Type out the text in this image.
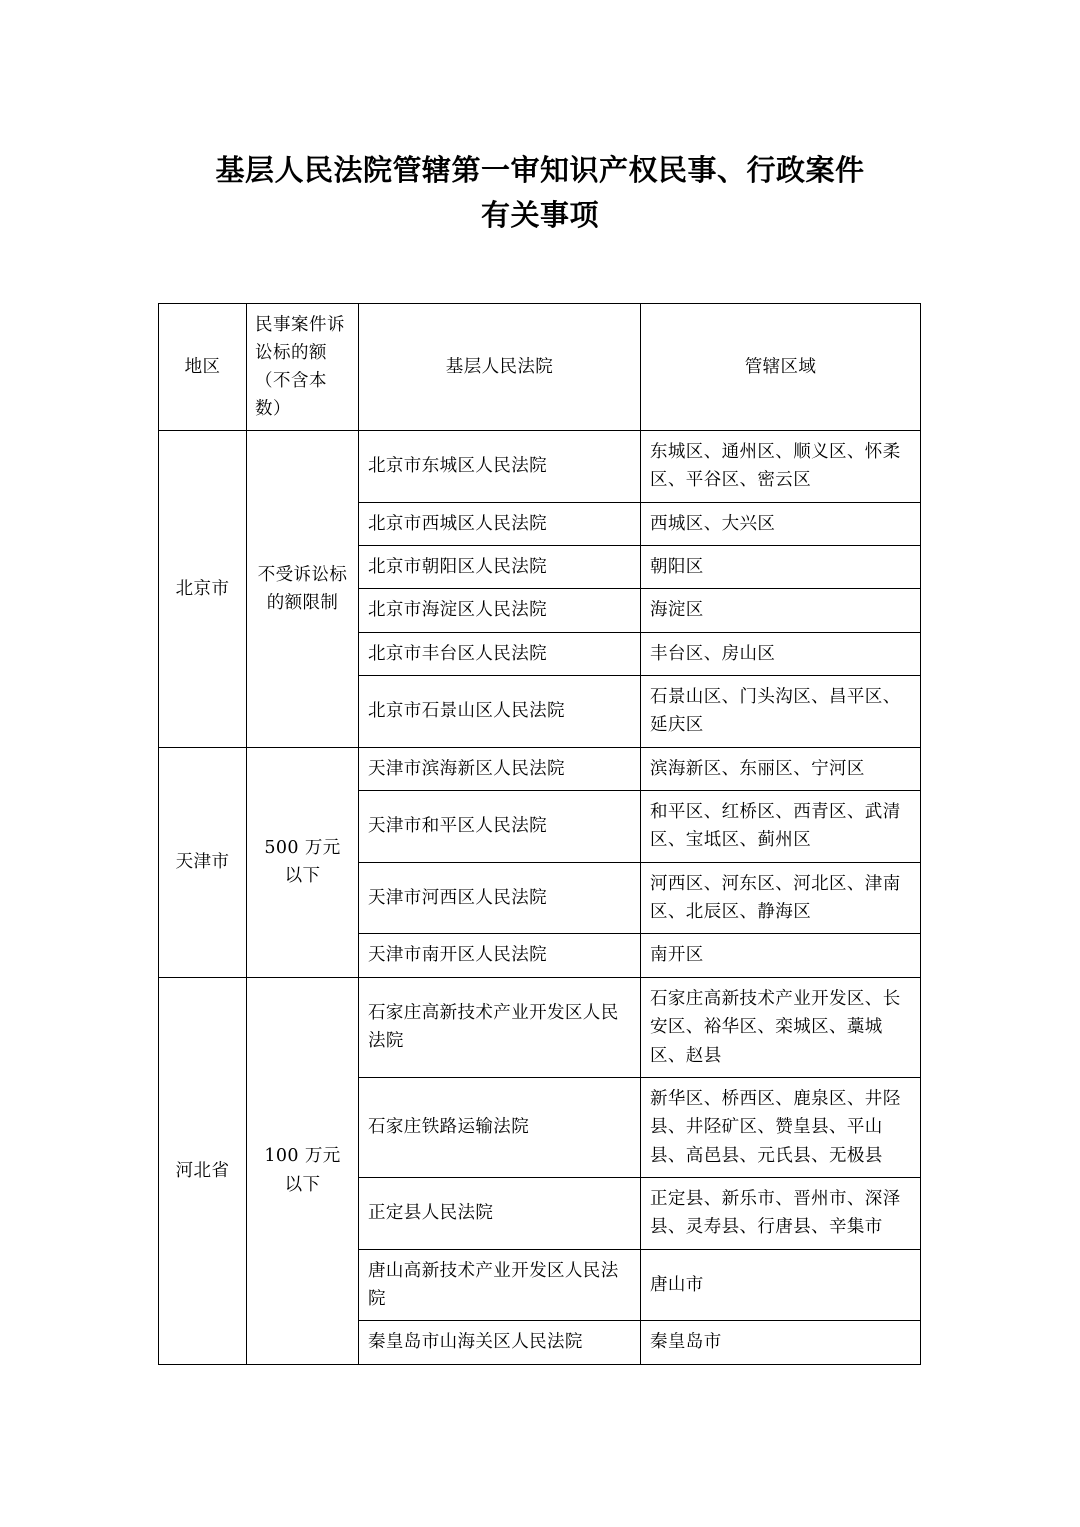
基层人民法院管辖第一审知识产权民事、行政案件
有关事项
地区	民事案件诉讼标的额（不含本数）	基层人民法院	管辖区域
北京市	不受诉讼标的额限制	北京市东城区人民法院	东城区、通州区、顺义区、怀柔区、平谷区、密云区
		北京市西城区人民法院	西城区、大兴区
		北京市朝阳区人民法院	朝阳区
		北京市海淀区人民法院	海淀区
		北京市丰台区人民法院	丰台区、房山区
		北京市石景山区人民法院	石景山区、门头沟区、昌平区、延庆区
天津市	500 万元以下	天津市滨海新区人民法院	滨海新区、东丽区、宁河区
		天津市和平区人民法院	和平区、红桥区、西青区、武清区、宝坻区、蓟州区
		天津市河西区人民法院	河西区、河东区、河北区、津南区、北辰区、静海区
		天津市南开区人民法院	南开区
河北省	100 万元以下	石家庄高新技术产业开发区人民法院	石家庄高新技术产业开发区、长安区、裕华区、栾城区、藁城区、赵县
		石家庄铁路运输法院	新华区、桥西区、鹿泉区、井陉县、井陉矿区、赞皇县、平山县、高邑县、元氏县、无极县
		正定县人民法院	正定县、新乐市、晋州市、深泽县、灵寿县、行唐县、辛集市
		唐山高新技术产业开发区人民法院	唐山市
		秦皇岛市山海关区人民法院	秦皇岛市
